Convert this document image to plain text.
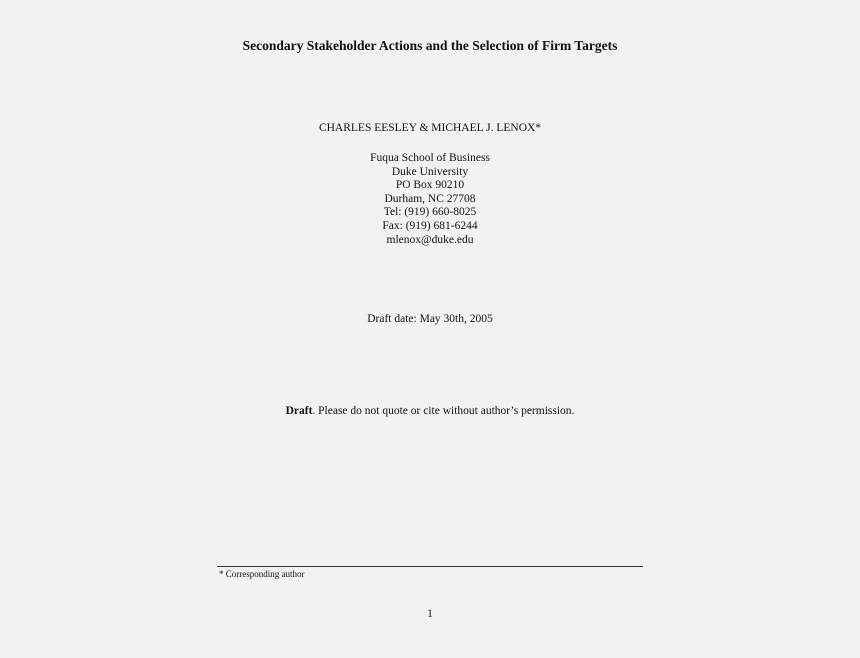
Secondary Stakeholder Actions and the Selection of Firm Targets
CHARLES EESLEY & MICHAEL J. LENOX*
Fuqua School of Business
Duke University
PO Box 90210
Durham, NC 27708
Tel: (919) 660-8025
Fax: (919) 681-6244
mlenox@duke.edu
Draft date: May 30th, 2005
Draft. Please do not quote or cite without author’s permission.
* Corresponding author
1
